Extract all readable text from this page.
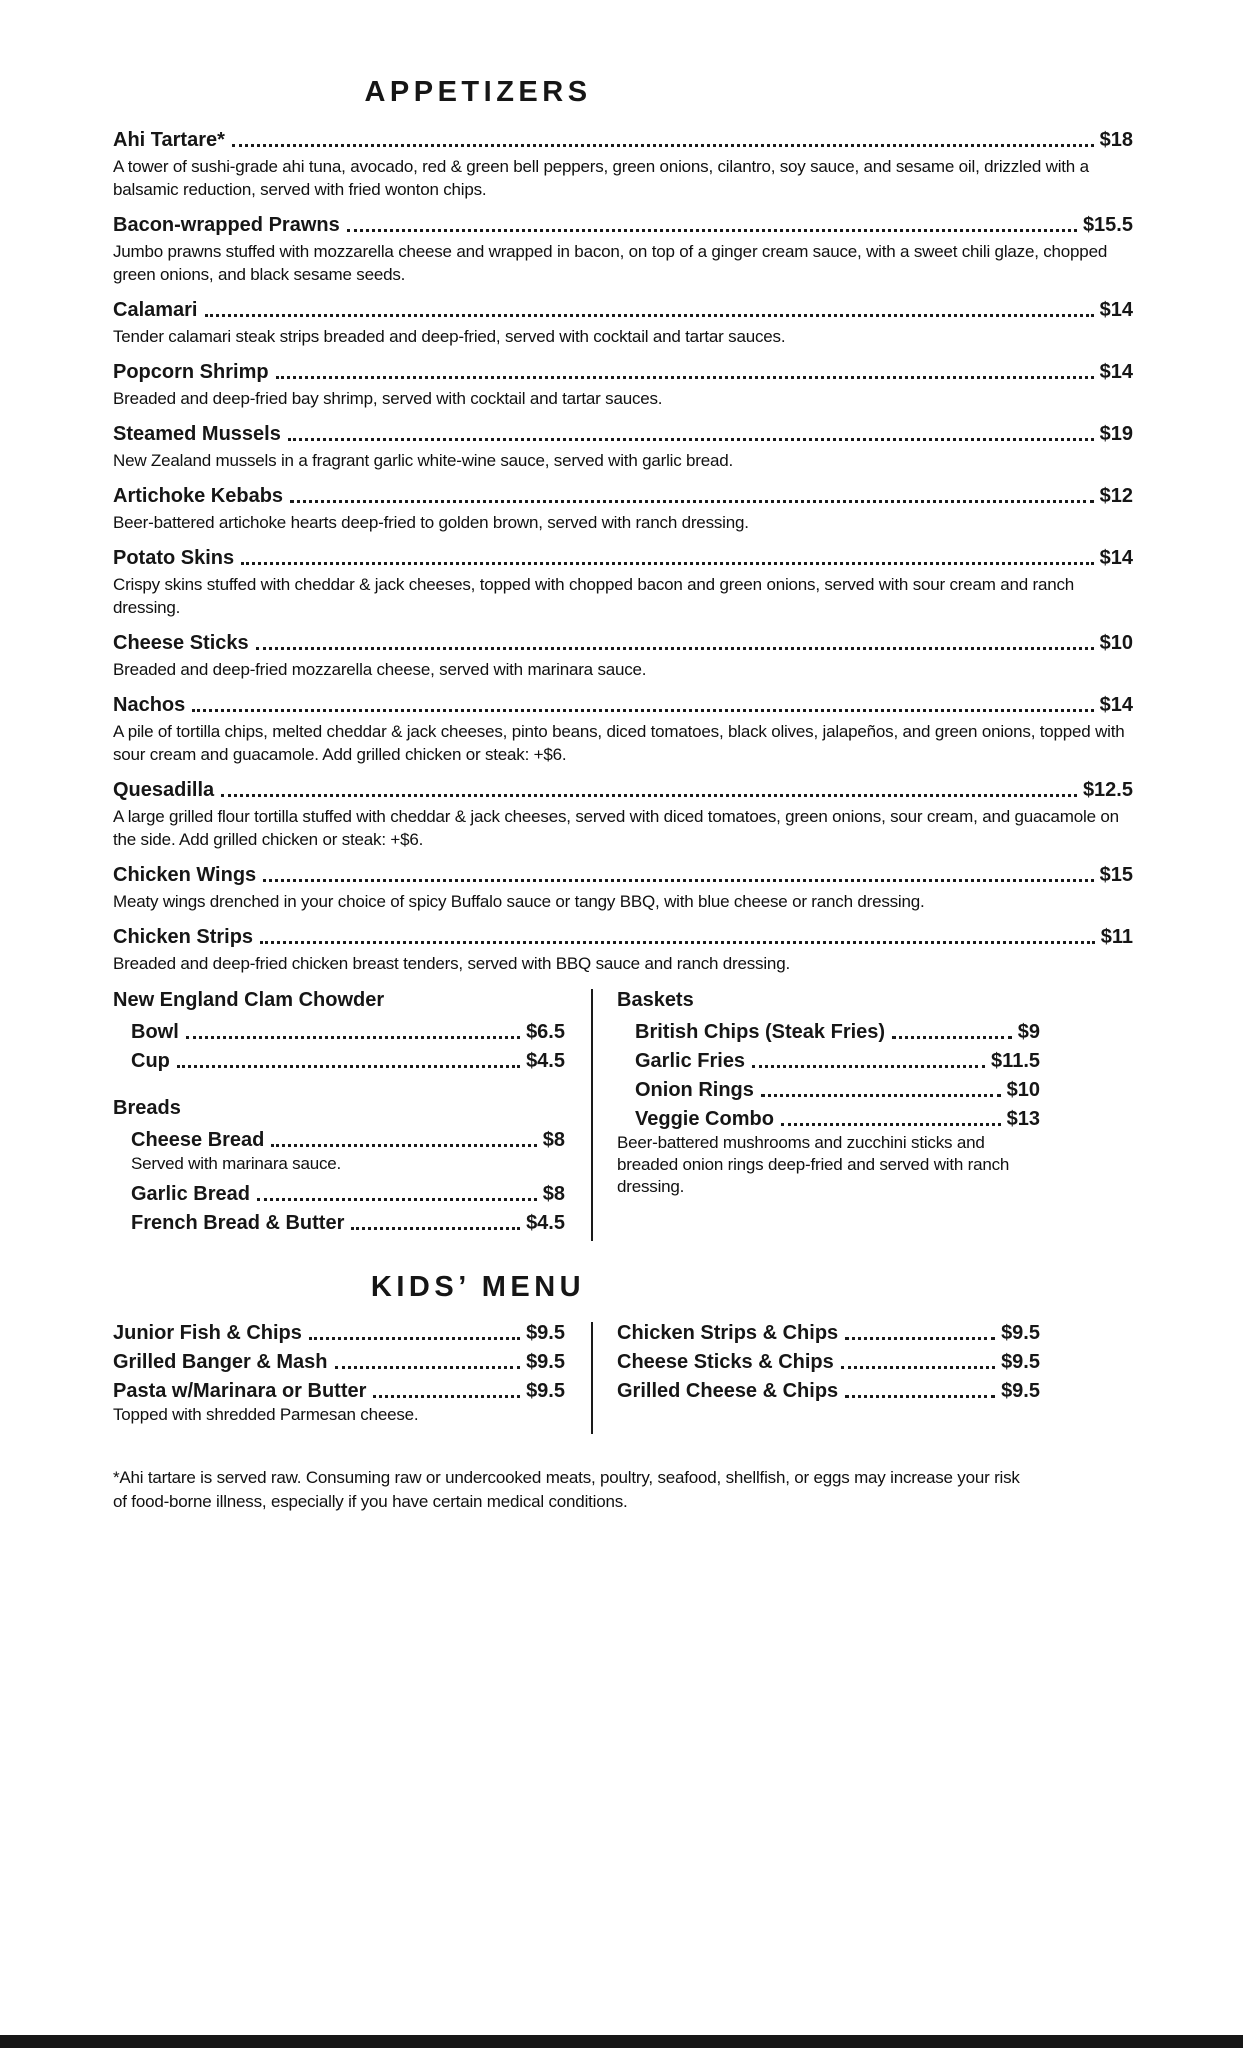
APPETIZERS
Ahi Tartare*	$18
A tower of sushi-grade ahi tuna, avocado, red & green bell peppers, green onions, cilantro, soy sauce, and sesame oil, drizzled with a balsamic reduction, served with fried wonton chips.
Bacon-wrapped Prawns	$15.5
Jumbo prawns stuffed with mozzarella cheese and wrapped in bacon, on top of a ginger cream sauce, with a sweet chili glaze, chopped green onions, and black sesame seeds.
Calamari	$14
Tender calamari steak strips breaded and deep-fried, served with cocktail and tartar sauces.
Popcorn Shrimp	$14
Breaded and deep-fried bay shrimp, served with cocktail and tartar sauces.
Steamed Mussels	$19
New Zealand mussels in a fragrant garlic white-wine sauce, served with garlic bread.
Artichoke Kebabs	$12
Beer-battered artichoke hearts deep-fried to golden brown, served with ranch dressing.
Potato Skins	$14
Crispy skins stuffed with cheddar & jack cheeses, topped with chopped bacon and green onions, served with sour cream and ranch dressing.
Cheese Sticks	$10
Breaded and deep-fried mozzarella cheese, served with marinara sauce.
Nachos	$14
A pile of tortilla chips, melted cheddar & jack cheeses, pinto beans, diced tomatoes, black olives, jalapeños, and green onions, topped with sour cream and guacamole. Add grilled chicken or steak: +$6.
Quesadilla	$12.5
A large grilled flour tortilla stuffed with cheddar & jack cheeses, served with diced tomatoes, green onions, sour cream, and guacamole on the side. Add grilled chicken or steak: +$6.
Chicken Wings	$15
Meaty wings drenched in your choice of spicy Buffalo sauce or tangy BBQ, with blue cheese or ranch dressing.
Chicken Strips	$11
Breaded and deep-fried chicken breast tenders, served with BBQ sauce and ranch dressing.
New England Clam Chowder
Bowl	$6.5
Cup	$4.5
Breads
Cheese Bread	$8
Served with marinara sauce.
Garlic Bread	$8
French Bread & Butter	$4.5
Baskets
British Chips (Steak Fries)	$9
Garlic Fries	$11.5
Onion Rings	$10
Veggie Combo	$13
Beer-battered mushrooms and zucchini sticks and breaded onion rings deep-fried and served with ranch dressing.
KIDS’ MENU
Junior Fish & Chips	$9.5
Grilled Banger & Mash	$9.5
Pasta w/Marinara or Butter	$9.5
Topped with shredded Parmesan cheese.
Chicken Strips & Chips	$9.5
Cheese Sticks & Chips	$9.5
Grilled Cheese & Chips	$9.5
*Ahi tartare is served raw. Consuming raw or undercooked meats, poultry, seafood, shellfish, or eggs may increase your risk of food-borne illness, especially if you have certain medical conditions.
